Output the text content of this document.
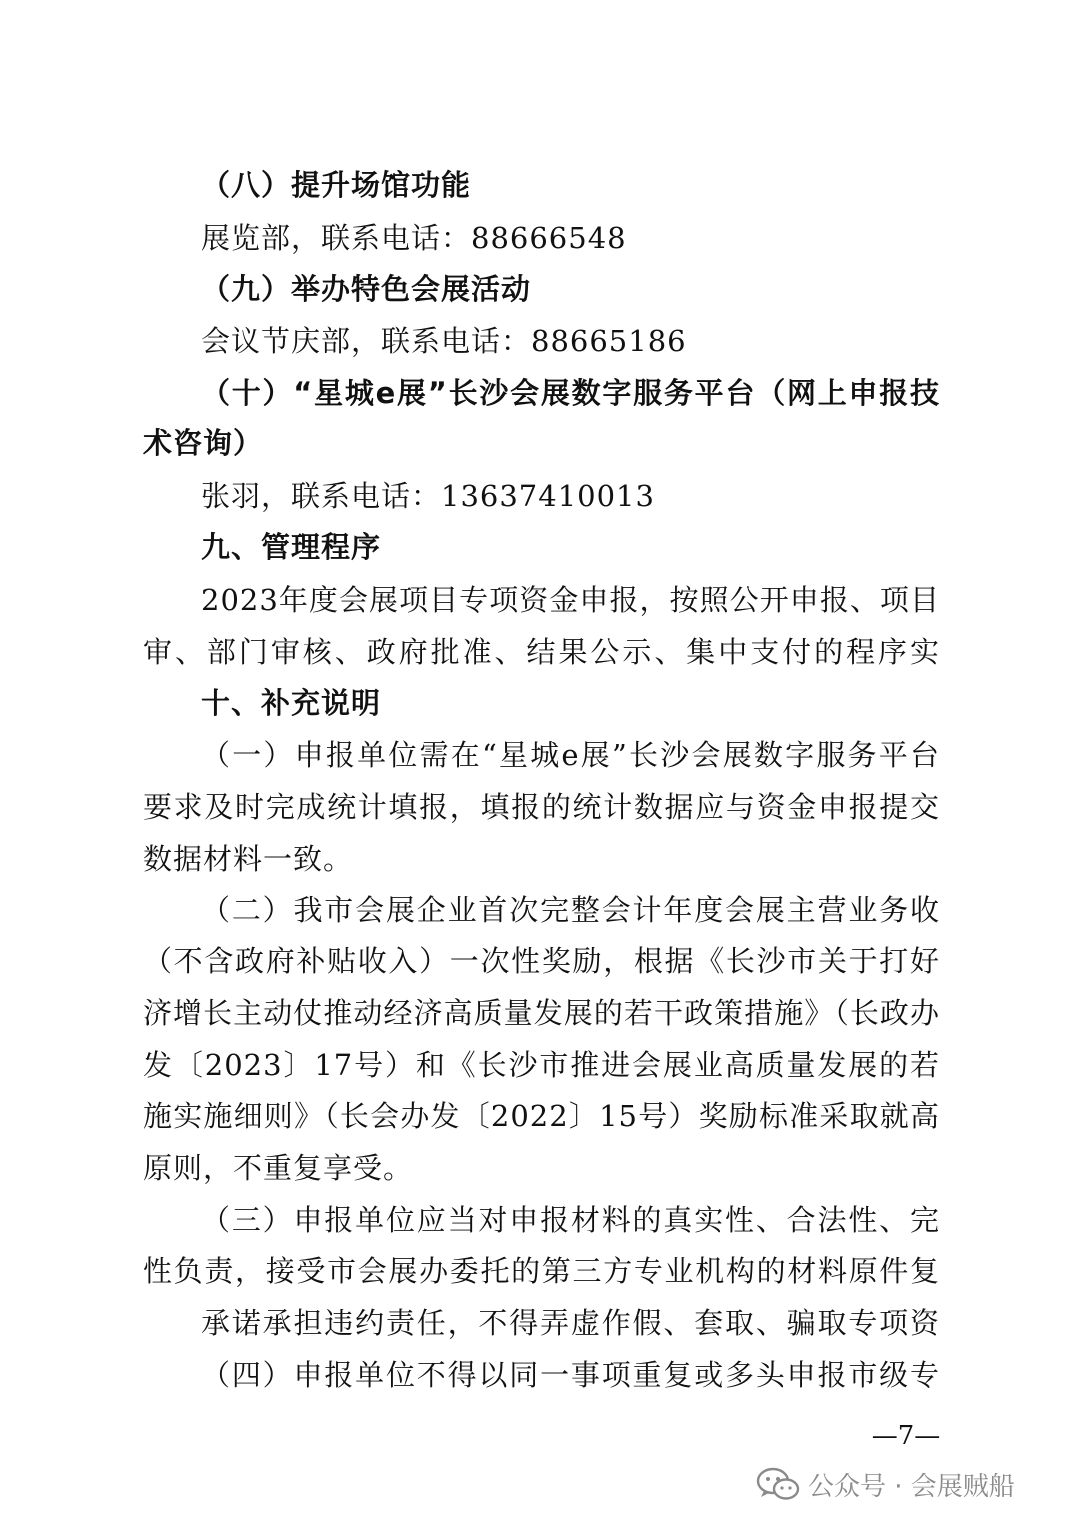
（八）提升场馆功能
展览部，联系电话：88666548
（九）举办特色会展活动
会议节庆部，联系电话：88665186
（十）“星城e展”长沙会展数字服务平台（网上申报技
术咨询）
张羽，联系电话：13637410013
九、管理程序
2023年度会展项目专项资金申报，按照公开申报、项目
审、部门审核、政府批准、结果公示、集中支付的程序实
十、补充说明
（一）申报单位需在“星城e展”长沙会展数字服务平台
要求及时完成统计填报，填报的统计数据应与资金申报提交
数据材料一致。
（二）我市会展企业首次完整会计年度会展主营业务收
（不含政府补贴收入）一次性奖励，根据《长沙市关于打好
济增长主动仗推动经济高质量发展的若干政策措施》（长政办
发〔2023〕17号）和《长沙市推进会展业高质量发展的若
施实施细则》（长会办发〔2022〕15号）奖励标准采取就高
原则，不重复享受。
（三）申报单位应当对申报材料的真实性、合法性、完
性负责，接受市会展办委托的第三方专业机构的材料原件复
承诺承担违约责任，不得弄虚作假、套取、骗取专项资
（四）申报单位不得以同一事项重复或多头申报市级专
—7—
公众号 · 会展贼船
